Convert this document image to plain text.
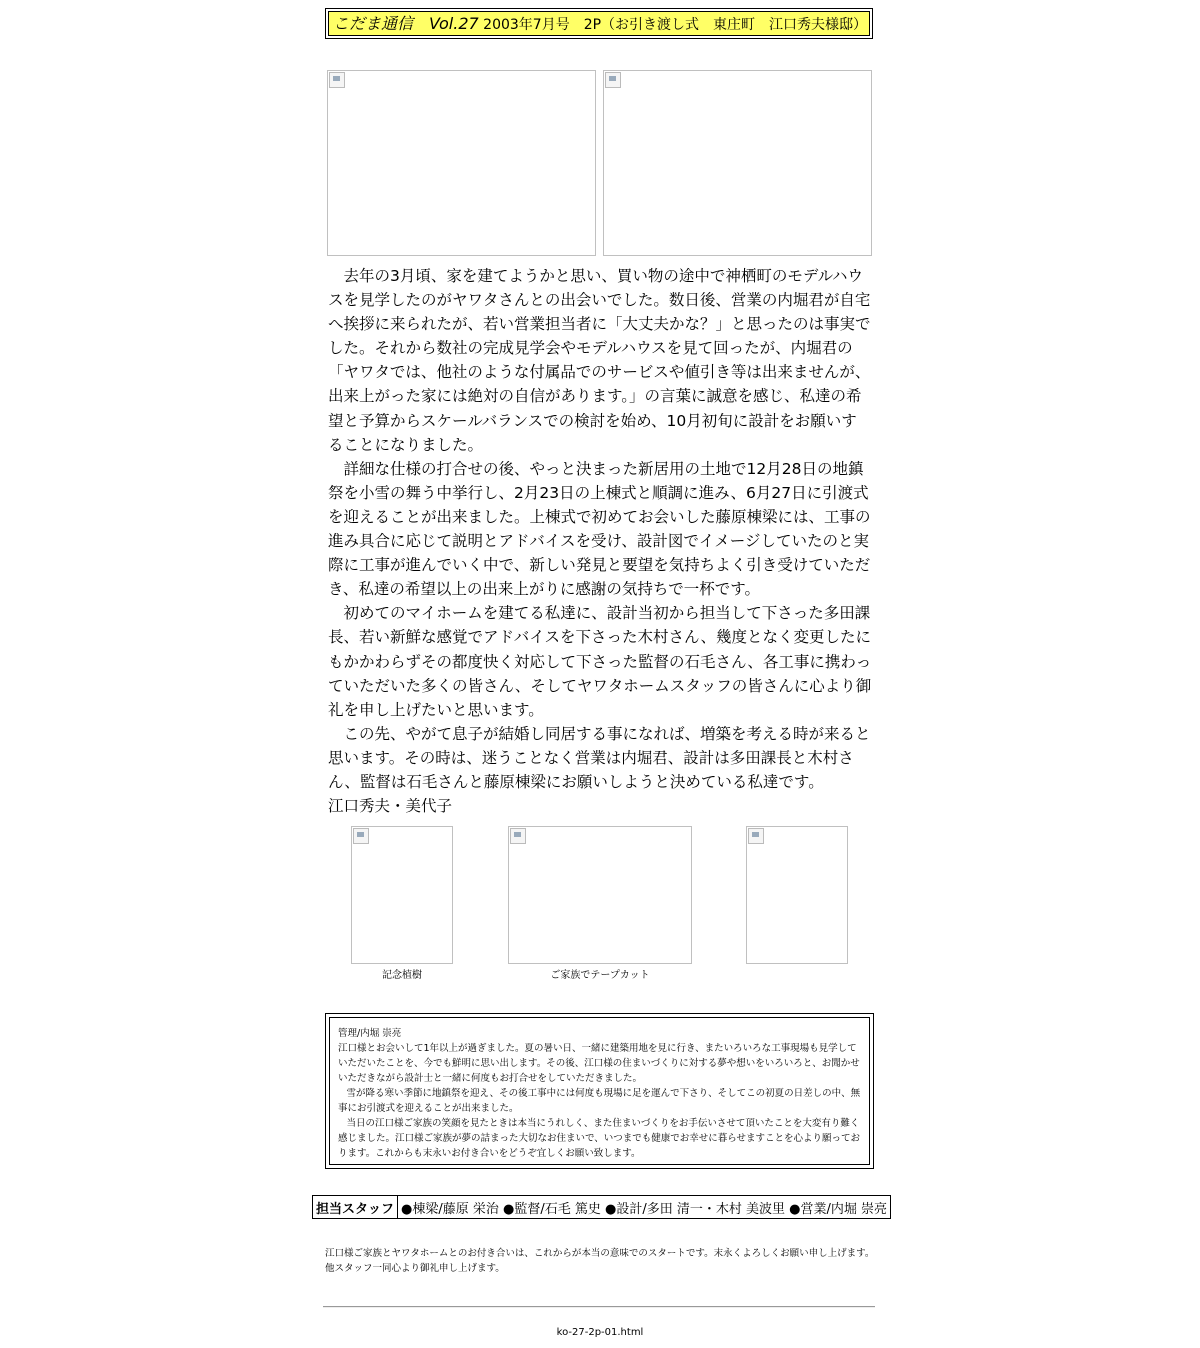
こだま通信　Vol.27 2003年7月号　2P（お引き渡し式　東庄町　江口秀夫様邸）

去年の3月頃、家を建てようかと思い、買い物の途中で神栖町のモデルハウスを見学したのがヤワタさんとの出会いでした。数日後、営業の内堀君が自宅へ挨拶に来られたが、若い営業担当者に「大丈夫かな？」と思ったのは事実でした。それから数社の完成見学会やモデルハウスを見て回ったが、内堀君の「ヤワタでは、他社のような付属品でのサービスや値引き等は出来ませんが、出来上がった家には絶対の自信があります。」の言葉に誠意を感じ、私達の希望と予算からスケールバランスでの検討を始め、10月初旬に設計をお願いすることになりました。

詳細な仕様の打合せの後、やっと決まった新居用の土地で12月28日の地鎮祭を小雪の舞う中挙行し、2月23日の上棟式と順調に進み、6月27日に引渡式を迎えることが出来ました。上棟式で初めてお会いした藤原棟梁には、工事の進み具合に応じて説明とアドバイスを受け、設計図でイメージしていたのと実際に工事が進んでいく中で、新しい発見と要望を気持ちよく引き受けていただき、私達の希望以上の出来上がりに感謝の気持ちで一杯です。

初めてのマイホームを建てる私達に、設計当初から担当して下さった多田課長、若い新鮮な感覚でアドバイスを下さった木村さん、幾度となく変更したにもかかわらずその都度快く対応して下さった監督の石毛さん、各工事に携わっていただいた多くの皆さん、そしてヤワタホームスタッフの皆さんに心より御礼を申し上げたいと思います。

この先、やがて息子が結婚し同居する事になれば、増築を考える時が来ると思います。その時は、迷うことなく営業は内堀君、設計は多田課長と木村さん、監督は石毛さんと藤原棟梁にお願いしようと決めている私達です。

江口秀夫・美代子
記念植樹	ご家族でテープカット

管理/内堀 崇亮

江口様とお会いして1年以上が過ぎました。夏の暑い日、一緒に建築用地を見に行き、またいろいろな工事現場も見学していただいたことを、今でも鮮明に思い出します。その後、江口様の住まいづくりに対する夢や想いをいろいろと、お聞かせいただきながら設計士と一緒に何度もお打合せをしていただきました。

雪が降る寒い季節に地鎮祭を迎え、その後工事中には何度も現場に足を運んで下さり、そしてこの初夏の日差しの中、無事にお引渡式を迎えることが出来ました。

当日の江口様ご家族の笑顔を見たときは本当にうれしく、また住まいづくりをお手伝いさせて頂いたことを大変有り難く感じました。江口様ご家族が夢の詰まった大切なお住まいで、いつまでも健康でお幸せに暮らせますことを心より願っております。これからも末永いお付き合いをどうぞ宜しくお願い致します。

担当スタッフ	●棟梁/藤原 栄治 ●監督/石毛 篤史 ●設計/多田 清一・木村 美波里 ●営業/内堀 崇亮
江口様ご家族とヤワタホームとのお付き合いは、これからが本当の意味でのスタートです。末永くよろしくお願い申し上げます。他スタッフ一同心より御礼申し上げます。
ko-27-2p-01.html
